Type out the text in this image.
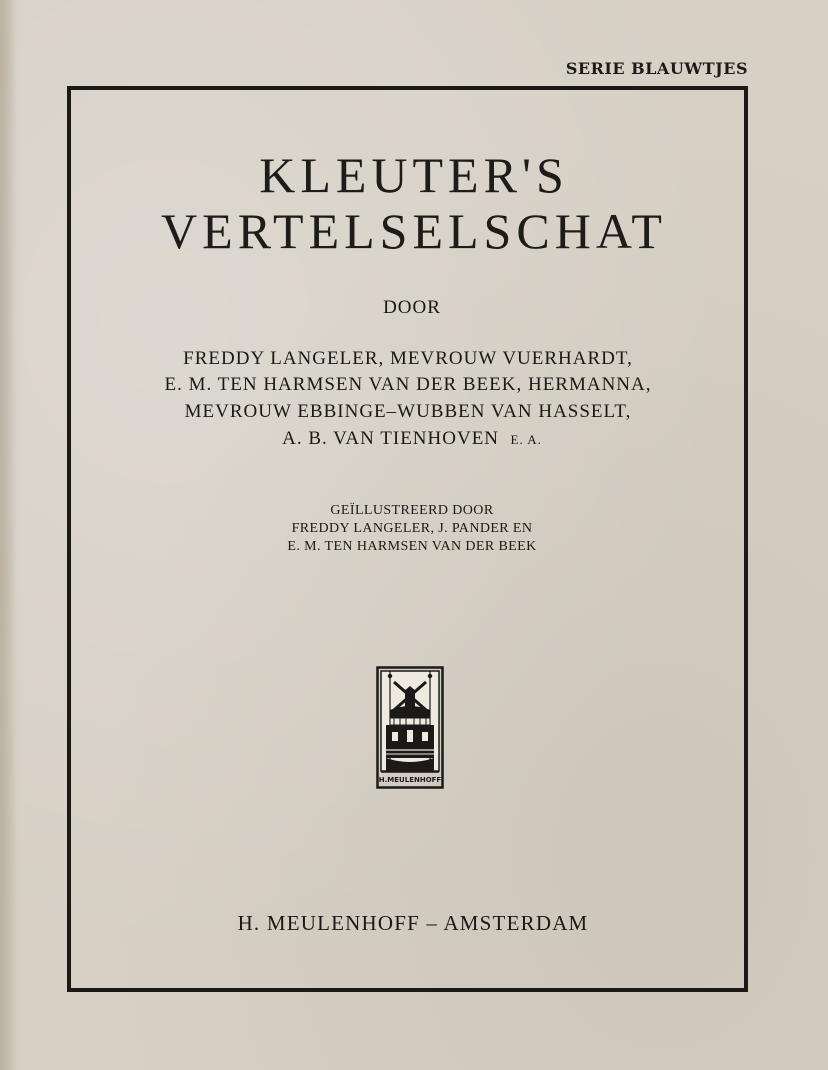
SERIE BLAUWTJES
KLEUTER'S
VERTELSELSCHAT
DOOR
FREDDY LANGELER, MEVROUW VUERHARDT,
E. M. TEN HARMSEN VAN DER BEEK, HERMANNA,
MEVROUW EBBINGE–WUBBEN VAN HASSELT,
A. B. VAN TIENHOVEN E. A.
GEÏLLUSTREERD DOOR
FREDDY LANGELER, J. PANDER EN
E. M. TEN HARMSEN VAN DER BEEK
H.MEULENHOFF
H. MEULENHOFF – AMSTERDAM
